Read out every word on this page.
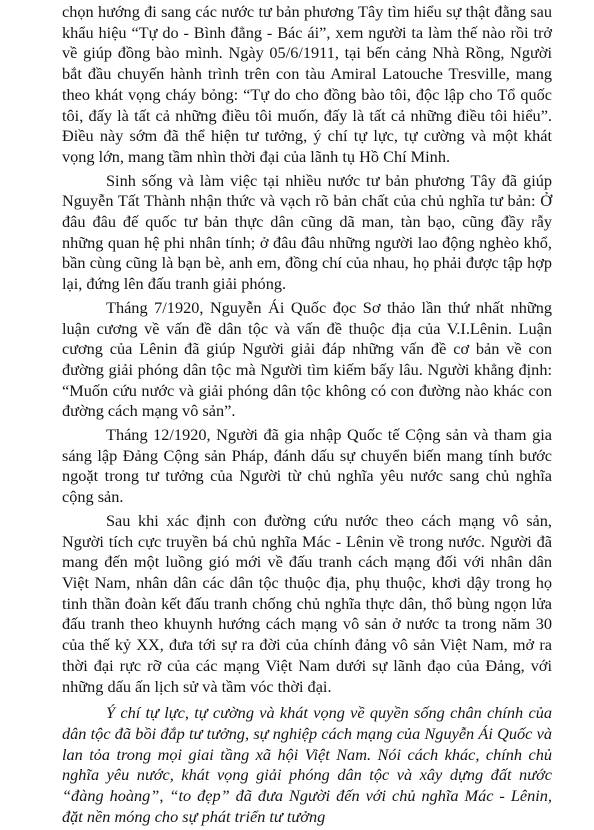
chọn hướng đi sang các nước tư bản phương Tây tìm hiểu sự thật đằng sau khẩu hiệu “Tự do - Bình đẳng - Bác ái”, xem người ta làm thế nào rồi trở về giúp đồng bào mình. Ngày 05/6/1911, tại bến cảng Nhà Rồng, Người bắt đầu chuyến hành trình trên con tàu Amiral Latouche Tresville, mang theo khát vọng cháy bỏng: “Tự do cho đồng bào tôi, độc lập cho Tổ quốc tôi, đấy là tất cả những điều tôi muốn, đấy là tất cả những điều tôi hiểu”. Điều này sớm đã thể hiện tư tưởng, ý chí tự lực, tự cường và một khát vọng lớn, mang tầm nhìn thời đại của lãnh tụ Hồ Chí Minh.

Sinh sống và làm việc tại nhiều nước tư bản phương Tây đã giúp Nguyễn Tất Thành nhận thức và vạch rõ bản chất của chủ nghĩa tư bản: Ở đâu đâu đế quốc tư bản thực dân cũng dã man, tàn bạo, cũng đầy rẫy những quan hệ phi nhân tính; ở đâu đâu những người lao động nghèo khổ, bần cùng cũng là bạn bè, anh em, đồng chí của nhau, họ phải được tập hợp lại, đứng lên đấu tranh giải phóng.

Tháng 7/1920, Nguyễn Ái Quốc đọc Sơ thảo lần thứ nhất những luận cương về vấn đề dân tộc và vấn đề thuộc địa của V.I.Lênin. Luận cương của Lênin đã giúp Người giải đáp những vấn đề cơ bản về con đường giải phóng dân tộc mà Người tìm kiếm bấy lâu. Người khẳng định: “Muốn cứu nước và giải phóng dân tộc không có con đường nào khác con đường cách mạng vô sản”.

Tháng 12/1920, Người đã gia nhập Quốc tế Cộng sản và tham gia sáng lập Đảng Cộng sản Pháp, đánh dấu sự chuyển biến mang tính bước ngoặt trong tư tưởng của Người từ chủ nghĩa yêu nước sang chủ nghĩa cộng sản.

Sau khi xác định con đường cứu nước theo cách mạng vô sản, Người tích cực truyền bá chủ nghĩa Mác - Lênin về trong nước. Người đã mang đến một luồng gió mới về đấu tranh cách mạng đối với nhân dân Việt Nam, nhân dân các dân tộc thuộc địa, phụ thuộc, khơi dậy trong họ tinh thần đoàn kết đấu tranh chống chủ nghĩa thực dân, thổ bùng ngọn lửa đấu tranh theo khuynh hướng cách mạng vô sản ở nước ta trong năm 30 của thế kỷ XX, đưa tới sự ra đời của chính đảng vô sản Việt Nam, mở ra thời đại rực rỡ của các mạng Việt Nam dưới sự lãnh đạo của Đảng, với những dấu ấn lịch sử và tầm vóc thời đại.

Ý chí tự lực, tự cường và khát vọng về quyền sống chân chính của dân tộc đã bồi đắp tư tưởng, sự nghiệp cách mạng của Nguyễn Ái Quốc và lan tỏa trong mọi giai tầng xã hội Việt Nam. Nói cách khác, chính chủ nghĩa yêu nước, khát vọng giải phóng dân tộc và xây dựng đất nước “đàng hoàng”, “to đẹp” đã đưa Người đến với chủ nghĩa Mác - Lênin, đặt nền móng cho sự phát triển tư tưởng
